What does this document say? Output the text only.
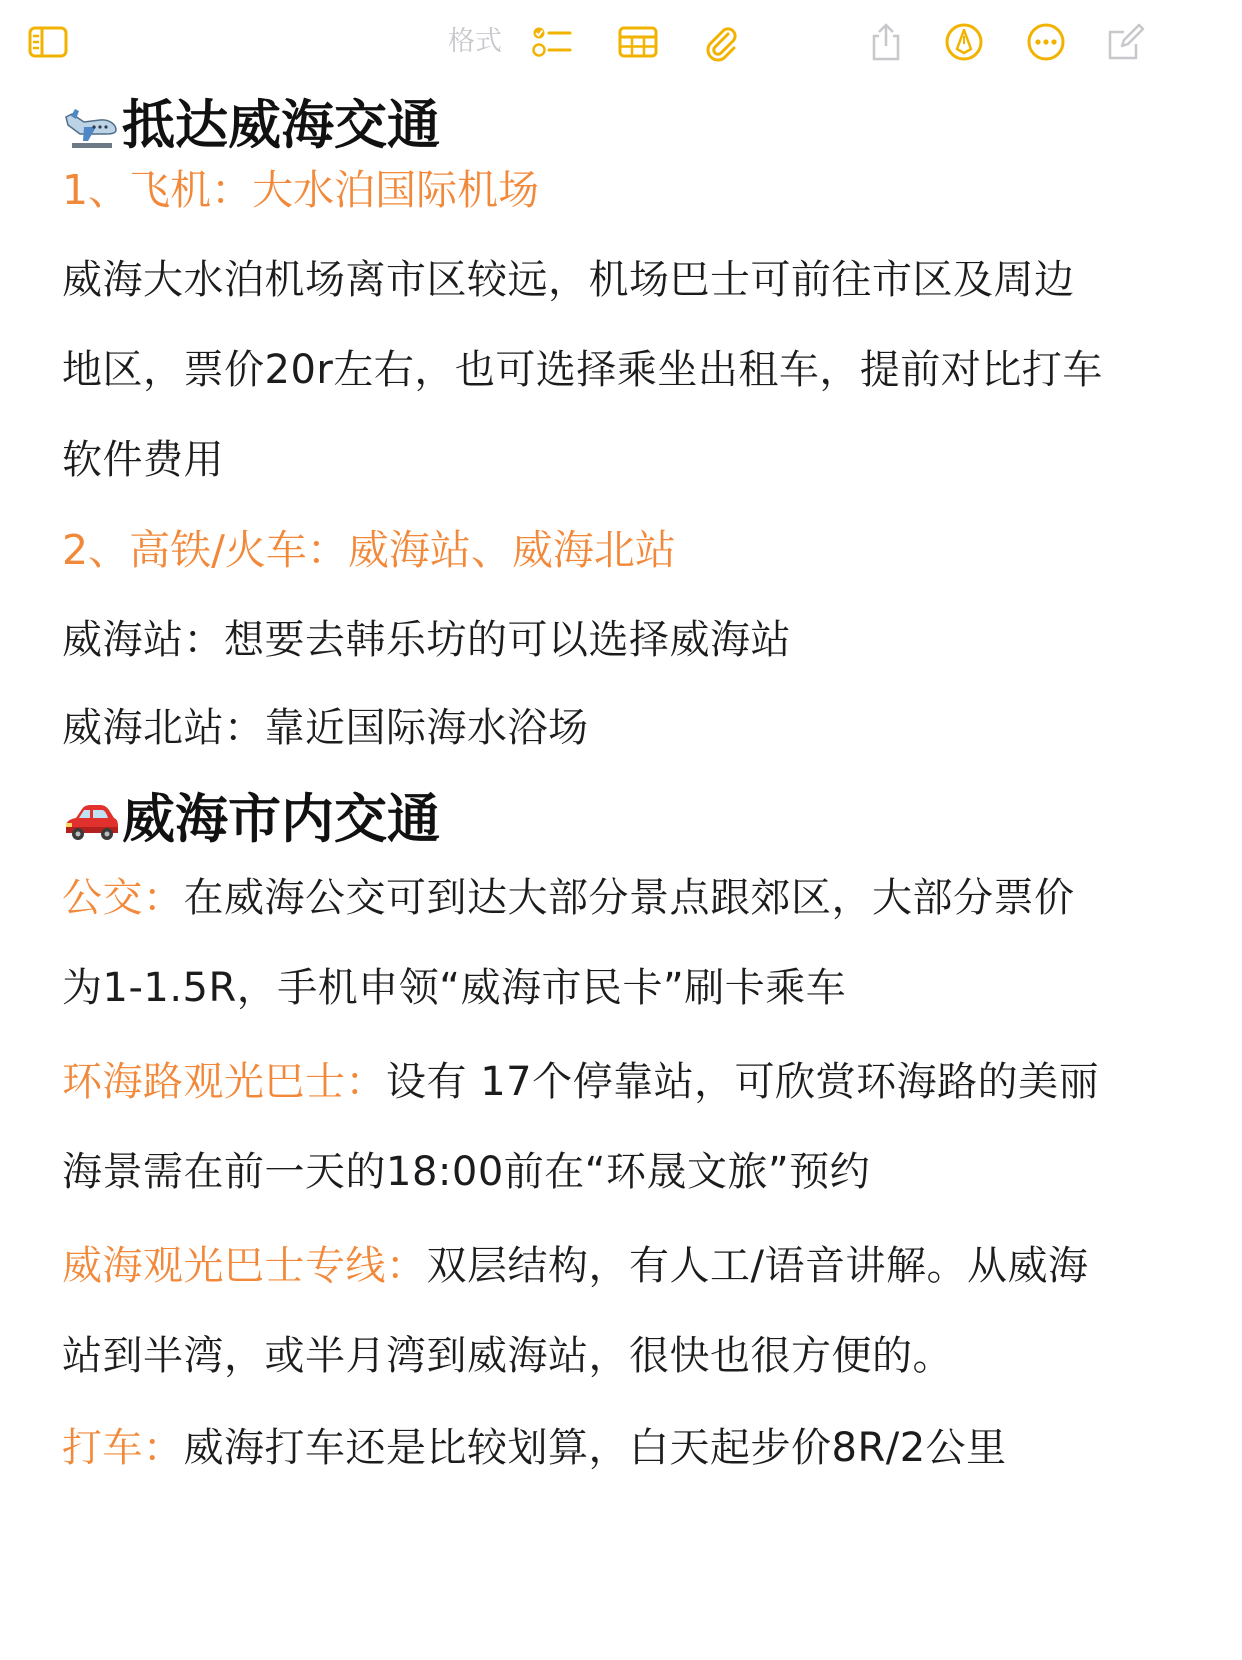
格式
抵达威海交通
1、飞机：大水泊国际机场
威海大水泊机场离市区较远，机场巴士可前往市区及周边
地区，票价20r左右，也可选择乘坐出租车，提前对比打车
软件费用
2、高铁/火车：威海站、威海北站
威海站：想要去韩乐坊的可以选择威海站
威海北站：靠近国际海水浴场
威海市内交通
公交：在威海公交可到达大部分景点跟郊区，大部分票价
为1-1.5R，手机申领“威海市民卡”刷卡乘车
环海路观光巴士：设有 17个停靠站，可欣赏环海路的美丽
海景需在前一天的18:00前在“环晟文旅”预约
威海观光巴士专线：双层结构，有人工/语音讲解。从威海
站到半湾，或半月湾到威海站，很快也很方便的。
打车：威海打车还是比较划算，白天起步价8R/2公里
